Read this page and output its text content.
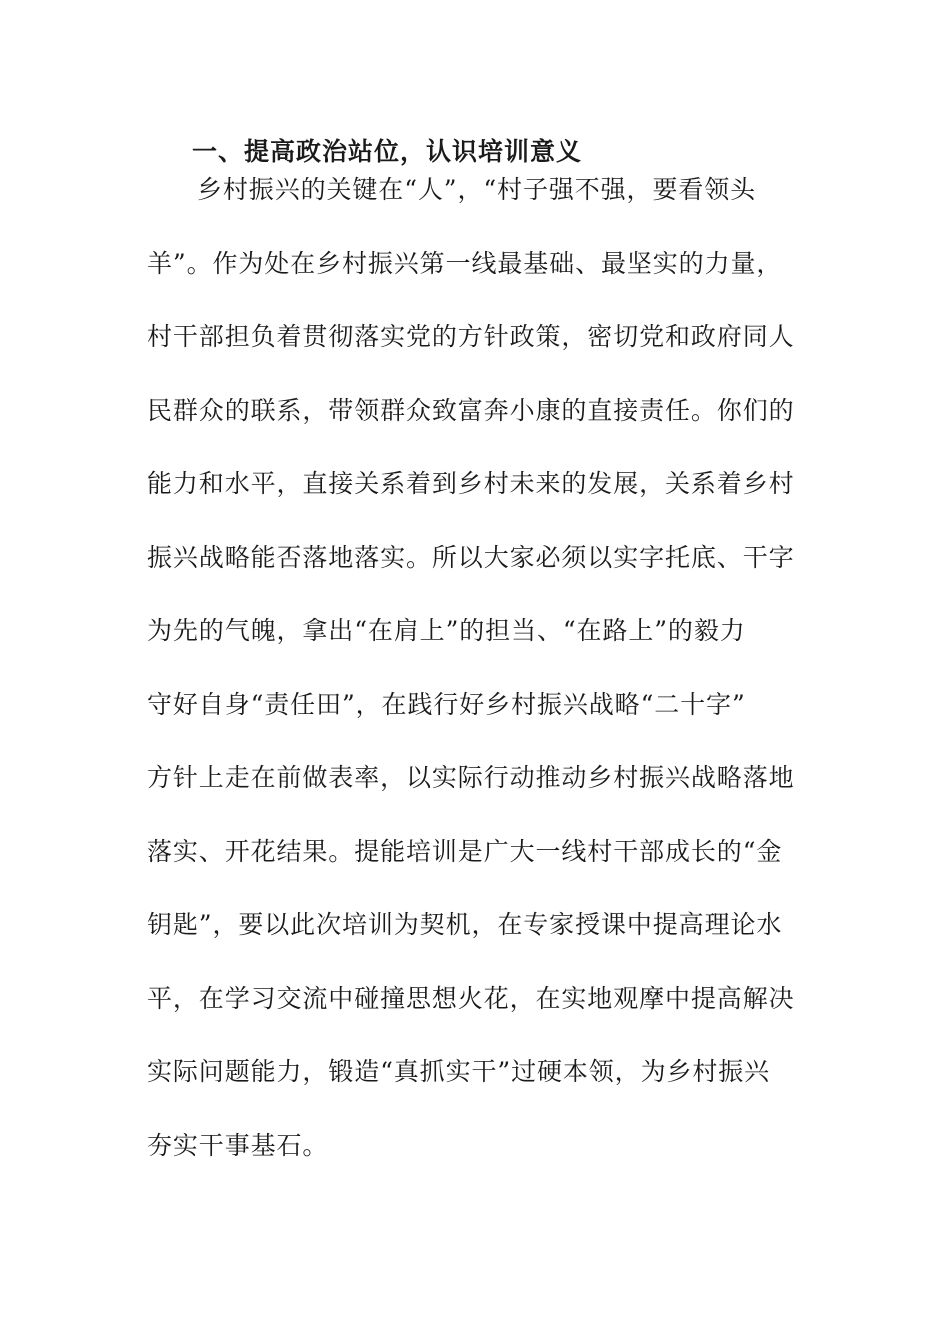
一、提高政治站位，认识培训意义
乡村振兴的关键在“人”，“村子强不强，要看领头
羊”。作为处在乡村振兴第一线最基础、最坚实的力量，
村干部担负着贯彻落实党的方针政策，密切党和政府同人
民群众的联系，带领群众致富奔小康的直接责任。你们的
能力和水平，直接关系着到乡村未来的发展，关系着乡村
振兴战略能否落地落实。所以大家必须以实字托底、干字
为先的气魄，拿出“在肩上”的担当、“在路上”的毅力
守好自身“责任田”，在践行好乡村振兴战略“二十字”
方针上走在前做表率，以实际行动推动乡村振兴战略落地
落实、开花结果。提能培训是广大一线村干部成长的“金
钥匙”，要以此次培训为契机，在专家授课中提高理论水
平，在学习交流中碰撞思想火花，在实地观摩中提高解决
实际问题能力，锻造“真抓实干”过硬本领，为乡村振兴
夯实干事基石。
